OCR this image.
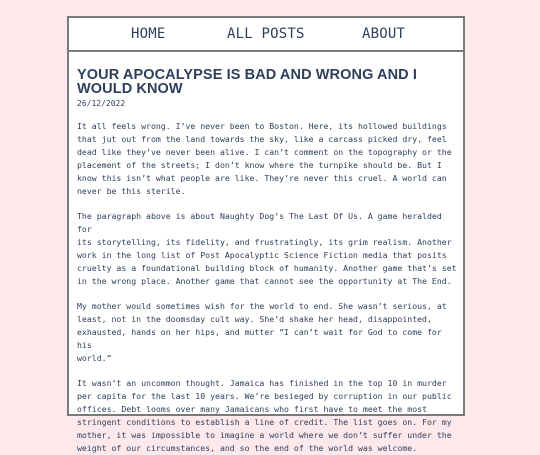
HOME	ALL POSTS	ABOUT
YOUR APOCALYPSE IS BAD AND WRONG AND I WOULD KNOW
26/12/2022

It all feels wrong. I’ve never been to Boston. Here, its hollowed buildings
that jut out from the land towards the sky, like a carcass picked dry, feel
dead like they’ve never been alive. I can’t comment on the topography or the
placement of the streets; I don’t know where the turnpike should be. But I
know this isn’t what people are like. They’re never this cruel. A world can
never be this sterile.

The paragraph above is about Naughty Dog’s The Last Of Us. A game heralded for
its storytelling, its fidelity, and frustratingly, its grim realism. Another
work in the long list of Post Apocalyptic Science Fiction media that posits
cruelty as a foundational building block of humanity. Another game that’s set
in the wrong place. Another game that cannot see the opportunity at The End.

My mother would sometimes wish for the world to end. She wasn’t serious, at
least, not in the doomsday cult way. She’d shake her head, disappointed,
exhausted, hands on her hips, and mutter ”I can’t wait for God to come for his
world.”

It wasn’t an uncommon thought. Jamaica has finished in the top 10 in murder
per capita for the last 10 years. We’re besieged by corruption in our public
offices. Debt looms over many Jamaicans who first have to meet the most
stringent conditions to establish a line of credit. The list goes on. For my
mother, it was impossible to imagine a world where we don’t suffer under the
weight of our circumstances, and so the end of the world was welcome.
